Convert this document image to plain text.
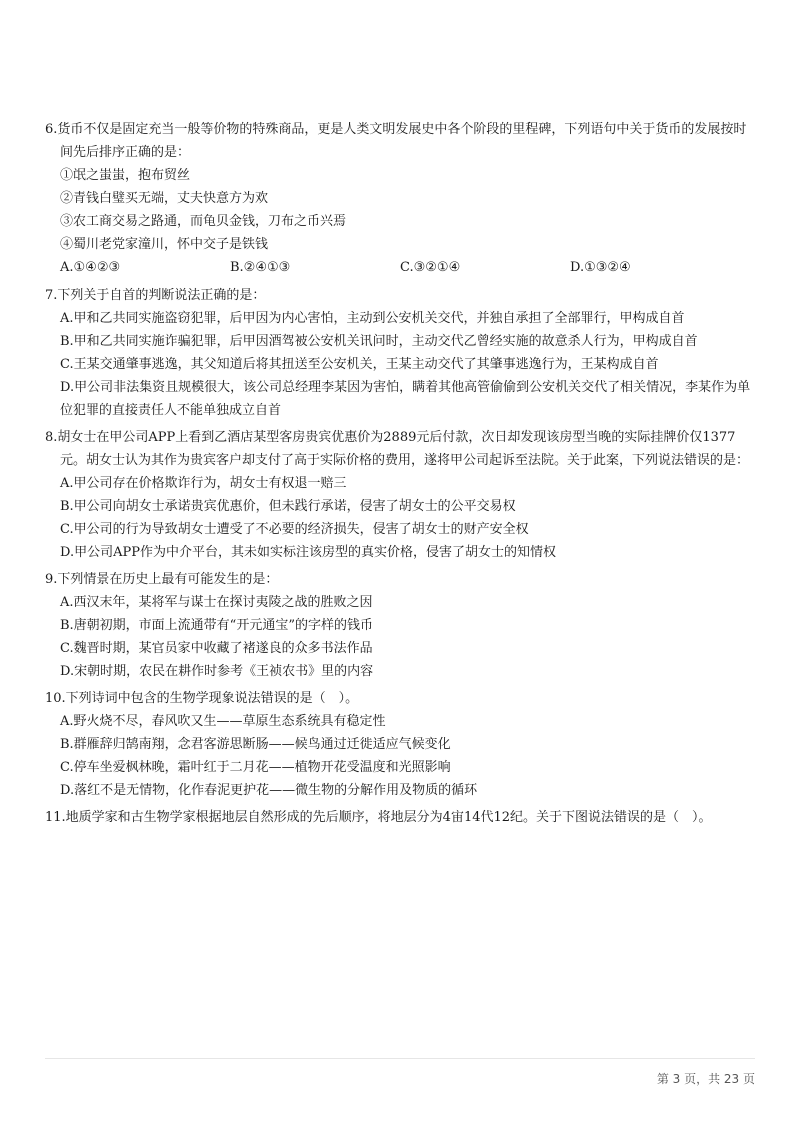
6.货币不仅是固定充当一般等价物的特殊商品，更是人类文明发展史中各个阶段的里程碑，下列语句中关于货币的发展按时间先后排序正确的是：
①氓之蚩蚩，抱布贸丝
②青钱白璧买无端，丈夫快意方为欢
③农工商交易之路通，而龟贝金钱，刀布之币兴焉
④蜀川老党家潼川，怀中交子是铁钱
A.①④②③	B.②④①③	C.③②①④	D.①③②④
7.下列关于自首的判断说法正确的是：
A.甲和乙共同实施盗窃犯罪，后甲因为内心害怕，主动到公安机关交代，并独自承担了全部罪行，甲构成自首
B.甲和乙共同实施诈骗犯罪，后甲因酒驾被公安机关讯问时，主动交代乙曾经实施的故意杀人行为，甲构成自首
C.王某交通肇事逃逸，其父知道后将其扭送至公安机关，王某主动交代了其肇事逃逸行为，王某构成自首
D.甲公司非法集资且规模很大，该公司总经理李某因为害怕，瞒着其他高管偷偷到公安机关交代了相关情况，李某作为单位犯罪的直接责任人不能单独成立自首
8.胡女士在甲公司APP上看到乙酒店某型客房贵宾优惠价为2889元后付款，次日却发现该房型当晚的实际挂牌价仅1377元。胡女士认为其作为贵宾客户却支付了高于实际价格的费用，遂将甲公司起诉至法院。关于此案，下列说法错误的是：
A.甲公司存在价格欺诈行为，胡女士有权退一赔三
B.甲公司向胡女士承诺贵宾优惠价，但未践行承诺，侵害了胡女士的公平交易权
C.甲公司的行为导致胡女士遭受了不必要的经济损失，侵害了胡女士的财产安全权
D.甲公司APP作为中介平台，其未如实标注该房型的真实价格，侵害了胡女士的知情权
9.下列情景在历史上最有可能发生的是：
A.西汉末年，某将军与谋士在探讨夷陵之战的胜败之因
B.唐朝初期，市面上流通带有“开元通宝”的字样的钱币
C.魏晋时期，某官员家中收藏了褚遂良的众多书法作品
D.宋朝时期，农民在耕作时参考《王祯农书》里的内容
10.下列诗词中包含的生物学现象说法错误的是（　）。
A.野火烧不尽，春风吹又生——草原生态系统具有稳定性
B.群雁辞归鹄南翔，念君客游思断肠——候鸟通过迁徙适应气候变化
C.停车坐爱枫林晚，霜叶红于二月花——植物开花受温度和光照影响
D.落红不是无情物，化作春泥更护花——微生物的分解作用及物质的循环
11.地质学家和古生物学家根据地层自然形成的先后顺序，将地层分为4宙14代12纪。关于下图说法错误的是（　）。
第 3 页，共 23 页
